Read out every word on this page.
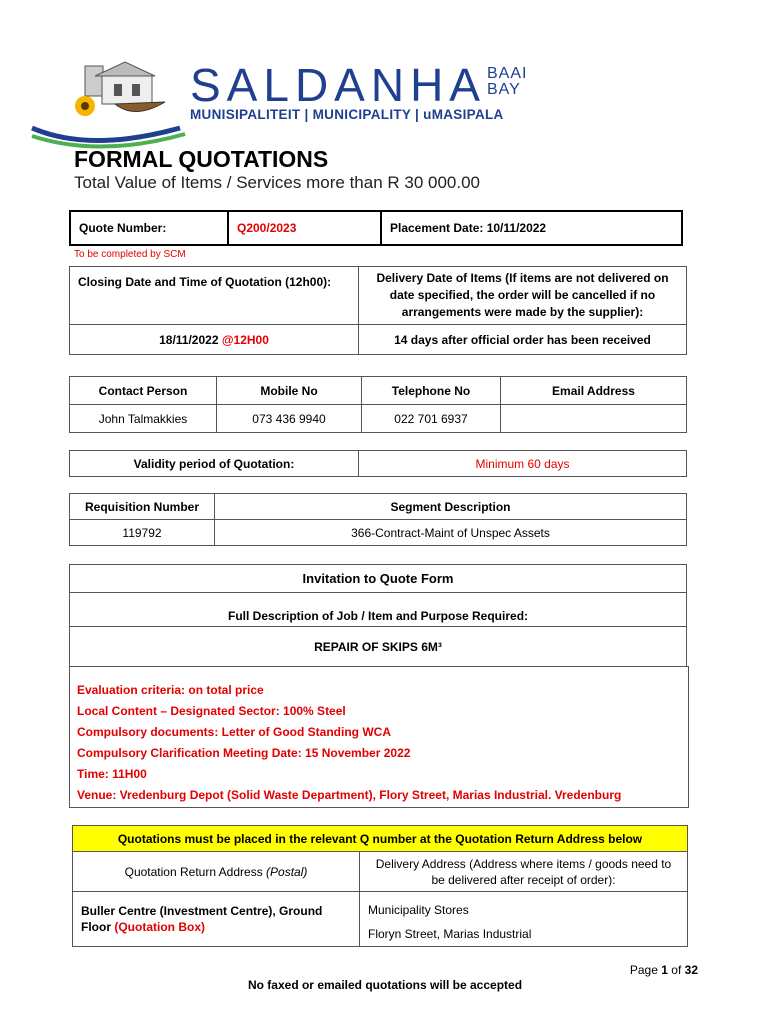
SALDANHA BAAI
BAY
MUNISIPALITEIT | MUNICIPALITY | uMASIPALA
FORMAL QUOTATIONS
Total Value of Items / Services more than R 30 000.00
Quote Number:	Q200/2023	Placement Date: 10/11/2022
To be completed by SCM
Closing Date and Time of Quotation (12h00):	Delivery Date of Items (If items are not delivered on date specified, the order will be cancelled if no arrangements were made by the supplier):
18/11/2022 @12H00	14 days after official order has been received
Contact Person	Mobile No	Telephone No	Email Address
John Talmakkies	073 436 9940	022 701 6937	
Validity period of Quotation:	Minimum 60 days
Requisition Number	Segment Description
119792	366-Contract-Maint of Unspec Assets
Invitation to Quote Form
Full Description of Job / Item and Purpose Required:
REPAIR OF SKIPS 6M³
Evaluation criteria: on total price
Local Content – Designated Sector: 100% Steel
Compulsory documents: Letter of Good Standing WCA
Compulsory Clarification Meeting Date: 15 November 2022
Time: 11H00
Venue: Vredenburg Depot (Solid Waste Department), Flory Street, Marias Industrial. Vredenburg
Quotations must be placed in the relevant Q number at the Quotation Return Address below	
Quotation Return Address (Postal)	Delivery Address (Address where items / goods need to be delivered after receipt of order):
Buller Centre (Investment Centre), Ground Floor (Quotation Box)	Municipality Stores
Floryn Street, Marias Industrial
Page 1 of 32
No faxed or emailed quotations will be accepted
